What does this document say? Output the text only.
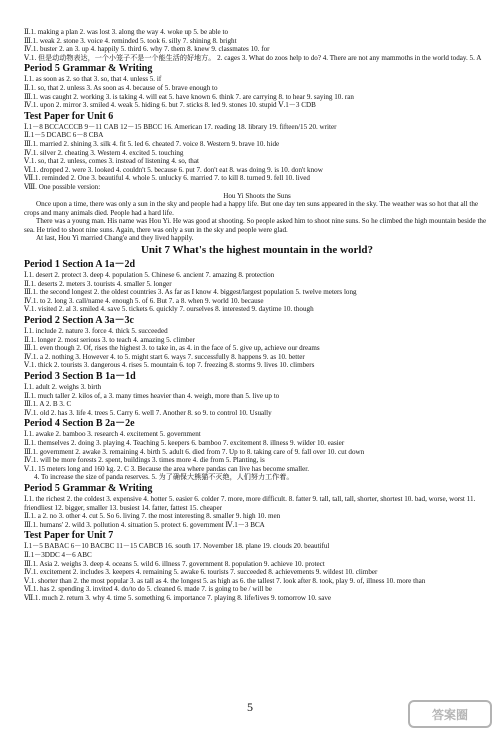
Ⅱ.1. making a plan 2. was lost 3. along the way 4. woke up 5. be able to
Ⅲ.1. weak 2. stone 3. voice 4. reminded 5. took 6. silly 7. shining 8. bright
Ⅳ.1. buster 2. an 3. up 4. happily 5. third 6. why 7. them 8. knew 9. classmates 10. for
Ⅴ.1. 但是动动物表达，一个小笼子不是一个能生活的好地方。 2. cages 3. What do zoos help to do? 4. There are not any mammoths in the world today. 5. A
Period 5 Grammar & Writing
Ⅰ.1. as soon as 2. so that 3. so, that 4. unless 5. if
Ⅱ.1. so, that 2. unless 3. As soon as 4. because of 5. brave enough to
Ⅲ.1. was caught 2. working 3. is taking 4. will eat 5. have known 6. think 7. are carrying 8. to hear 9. saying 10. ran
Ⅳ.1. upon 2. mirror 3. smiled 4. weak 5. hiding 6. but 7. sticks 8. led 9. stones 10. stupid Ⅴ.1－3 CDB
Test Paper for Unit 6
Ⅰ.1－8 BCCACCCB 9－11 CAB 12－15 BBCC 16. American 17. reading 18. library 19. fifteen/15 20. writer
Ⅱ.1－5 DCABC 6－8 CBA
Ⅲ.1. married 2. shining 3. silk 4. fit 5. led 6. cheated 7. voice 8. Western 9. brave 10. hide
Ⅳ.1. silver 2. cheating 3. Western 4. excited 5. touching
Ⅴ.1. so, that 2. unless, comes 3. instead of listening 4. so, that
Ⅵ.1. dropped 2. were 3. looked 4. couldn't 5. because 6. put 7. don't eat 8. was doing 9. is 10. don't know
Ⅶ.1. reminded 2. One 3. beautiful 4. whole 5. unlucky 6. married 7. to kill 8. turned 9. fell 10. lived
Ⅷ. One possible version:
Hou Yi Shoots the Suns
Once upon a time, there was only a sun in the sky and people had a happy life. But one day ten suns appeared in the sky. The weather was so hot that all the crops and many animals died. People had a hard life.
There was a young man. His name was Hou Yi. He was good at shooting. So people asked him to shoot nine suns. So he climbed the high mountain beside the sea. He tried to shoot nine suns. Again, there was only a sun in the sky and people were glad.
At last, Hou Yi married Chang'e and they lived happily.
Unit 7 What's the highest mountain in the world?
Period 1 Section A 1a－2d
Ⅰ.1. desert 2. protect 3. deep 4. population 5. Chinese 6. ancient 7. amazing 8. protection
Ⅱ.1. deserts 2. meters 3. tourists 4. smaller 5. longer
Ⅲ.1. the second longest 2. the oldest countries 3. As far as I know 4. biggest/largest population 5. twelve meters long
Ⅳ.1. to 2. long 3. call/name 4. enough 5. of 6. But 7. a 8. when 9. world 10. because
Ⅴ.1. visited 2. al 3. smiled 4. save 5. tickets 6. quickly 7. ourselves 8. interested 9. daytime 10. though
Period 2 Section A 3a－3c
Ⅰ.1. include 2. nature 3. force 4. thick 5. succeeded
Ⅱ.1. longer 2. most serious 3. to teach 4. amazing 5. climber
Ⅲ.1. even though 2. Of, rises the highest 3. to take in, as 4. in the face of 5. give up, achieve our dreams
Ⅳ.1. a 2. nothing 3. However 4. to 5. might start 6. ways 7. successfully 8. happens 9. as 10. better
Ⅴ.1. thick 2. tourists 3. dangerous 4. rises 5. mountain 6. top 7. freezing 8. storms 9. lives 10. climbers
Period 3 Section B 1a－1d
Ⅰ.1. adult 2. weighs 3. birth
Ⅱ.1. much taller 2. kilos of, a 3. many times heavier than 4. weigh, more than 5. live up to
Ⅲ.1. A 2. B 3. C
Ⅳ.1. old 2. has 3. life 4. trees 5. Carry 6. well 7. Another 8. so 9. to control 10. Usually
Period 4 Section B 2a－2e
Ⅰ.1. awake 2. bamboo 3. research 4. excitement 5. government
Ⅱ.1. themselves 2. doing 3. playing 4. Teaching 5. keepers 6. bamboo 7. excitement 8. illness 9. wilder 10. easier
Ⅲ.1. government 2. awake 3. remaining 4. birth 5. adult 6. died from 7. Up to 8. taking care of 9. fall over 10. cut down
Ⅳ.1. will be more forests 2. spent, buildings 3. times more 4. die from 5. Planting, is
Ⅴ.1. 15 meters long and 160 kg. 2. C 3. Because the area where pandas can live has become smaller.
4. To increase the size of panda reserves. 5. 为了确保大熊猫不灭绝，人们努力工作着。
Period 5 Grammar & Writing
Ⅰ.1. the richest 2. the coldest 3. expensive 4. hotter 5. easier 6. colder 7. more, more difficult. 8. fatter 9. tall, tall, tall, shorter, shortest 10. bad, worse, worst 11. friendliest 12. bigger, smaller 13. busiest 14. fatter, fattest 15. cheaper
Ⅱ.1. a 2. no 3. other 4. cut 5. So 6. living 7. the most interesting 8. smaller 9. high 10. men
Ⅲ.1. humans' 2. wild 3. pollution 4. situation 5. protect 6. government Ⅳ.1－3 BCA
Test Paper for Unit 7
Ⅰ.1－5 BABAC 6－10 BACBC 11－15 CABCB 16. south 17. November 18. plane 19. clouds 20. beautiful
Ⅱ.1－3DDC 4－6 ABC
Ⅲ.1. Asia 2. weighs 3. deep 4. oceans 5. wild 6. illness 7. government 8. population 9. achieve 10. protect
Ⅳ.1. excitement 2. includes 3. keepers 4. remaining 5. awake 6. tourists 7. succeeded 8. achievements 9. wildest 10. climber
Ⅴ.1. shorter than 2. the most popular 3. as tall as 4. the longest 5. as high as 6. the tallest 7. look after 8. took, play 9. of, illness 10. more than
Ⅵ.1. has 2. spending 3. invited 4. do/to do 5. cleaned 6. made 7. is going to be / will be
Ⅶ.1. much 2. return 3. why 4. time 5. something 6. importance 7. playing 8. life/lives 9. tomorrow 10. save
5
答案圈
